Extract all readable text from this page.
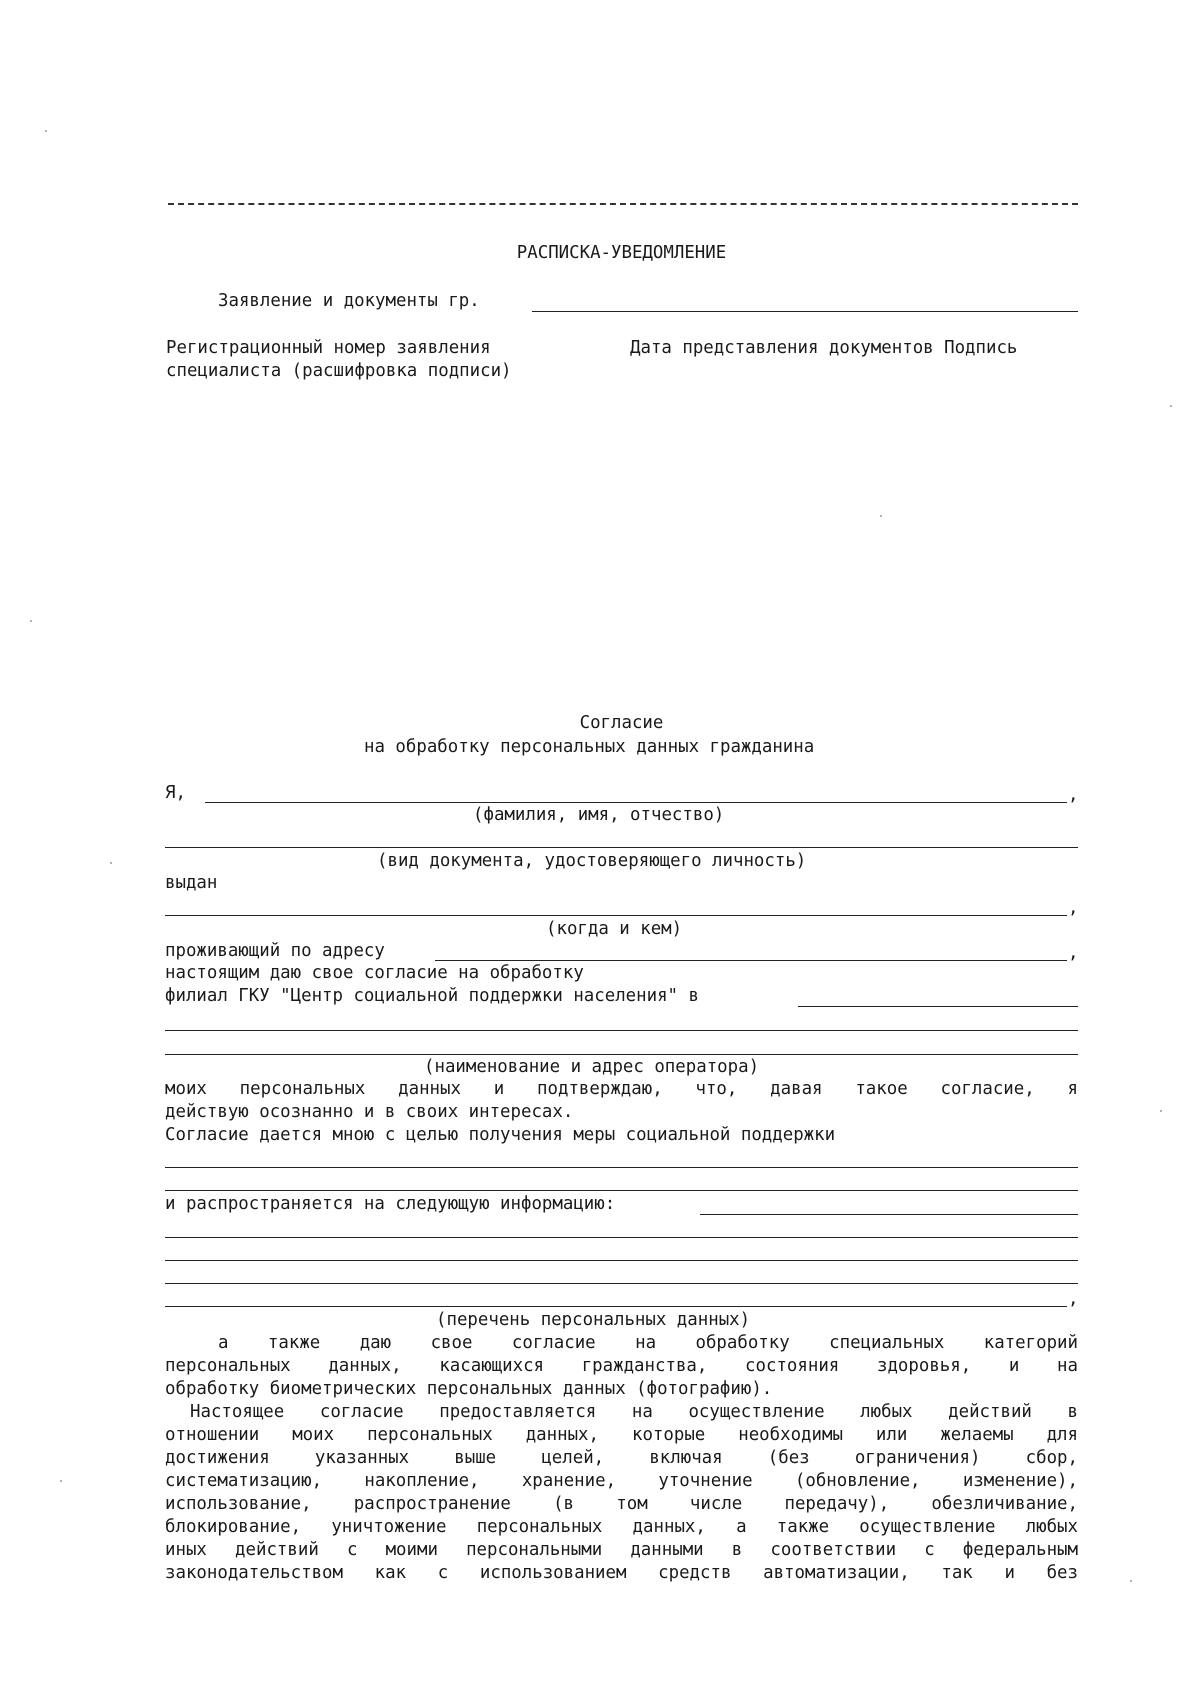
РАСПИСКА-УВЕДОМЛЕНИЕ
Заявление и документы гр.
Регистрационный номер заявления	Дата представления документов Подпись
специалиста (расшифровка подписи)
Согласие
на обработку персональных данных гражданина
Я,	,
(фамилия, имя, отчество)
(вид документа, удостоверяющего личность)
выдан
,
(когда и кем)
проживающий по адресу	,
настоящим даю свое согласие на обработку
филиал ГКУ "Центр социальной поддержки населения" в
(наименование и адрес оператора)
моих персональных данных и подтверждаю, что, давая такое согласие, я
действую осознанно и в своих интересах.
Согласие дается мною с целью получения меры социальной поддержки
и распространяется на следующую информацию:
,
(перечень персональных данных)
а также даю свое согласие на обработку специальных категорий
персональных данных, касающихся гражданства, состояния здоровья, и на
обработку биометрических персональных данных (фотографию).
Настоящее согласие предоставляется на осуществление любых действий в
отношении моих персональных данных, которые необходимы или желаемы для
достижения указанных выше целей, включая (без ограничения) сбор,
систематизацию, накопление, хранение, уточнение (обновление, изменение),
использование, распространение (в том числе передачу), обезличивание,
блокирование, уничтожение персональных данных, а также осуществление любых
иных действий с моими персональными данными в соответствии с федеральным
законодательством как с использованием средств автоматизации, так и без
